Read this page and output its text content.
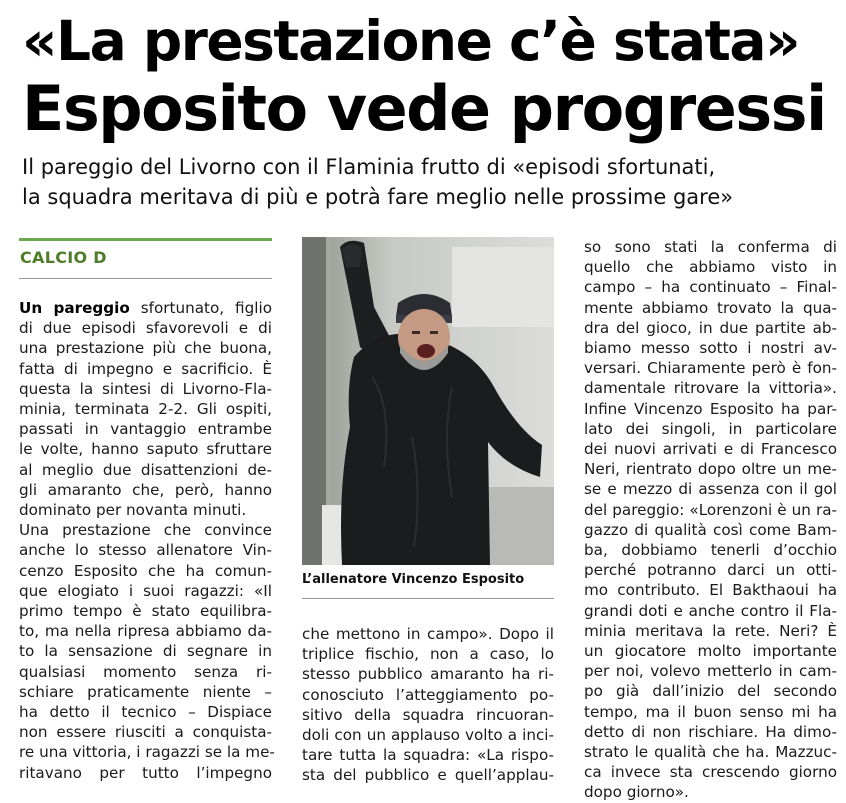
«La prestazione c’è stata»
Esposito vede progressi
Il pareggio del Livorno con il Flaminia frutto di «episodi sfortunati,
la squadra meritava di più e potrà fare meglio nelle prossime gare»
CALCIO D
Un pareggio sfortunato, figlio
di due episodi sfavorevoli e di
una prestazione più che buona,
fatta di impegno e sacrificio. È
questa la sintesi di Livorno-Fla-
minia, terminata 2-2. Gli ospiti,
passati in vantaggio entrambe
le volte, hanno saputo sfruttare
al meglio due disattenzioni de-
gli amaranto che, però, hanno
dominato per novanta minuti.
Una prestazione che convince
anche lo stesso allenatore Vin-
cenzo Esposito che ha comun-
que elogiato i suoi ragazzi: «Il
primo tempo è stato equilibra-
to, ma nella ripresa abbiamo da-
to la sensazione di segnare in
qualsiasi momento senza ri-
schiare praticamente niente –
ha detto il tecnico – Dispiace
non essere riusciti a conquista-
re una vittoria, i ragazzi se la me-
ritavano per tutto l’impegno
L’allenatore Vincenzo Esposito
che mettono in campo». Dopo il
triplice fischio, non a caso, lo
stesso pubblico amaranto ha ri-
conosciuto l’atteggiamento po-
sitivo della squadra rincuoran-
doli con un applauso volto a inci-
tare tutta la squadra: «La rispo-
sta del pubblico e quell’applau-
so sono stati la conferma di
quello che abbiamo visto in
campo – ha continuato – Final-
mente abbiamo trovato la qua-
dra del gioco, in due partite ab-
biamo messo sotto i nostri av-
versari. Chiaramente però è fon-
damentale ritrovare la vittoria».
Infine Vincenzo Esposito ha par-
lato dei singoli, in particolare
dei nuovi arrivati e di Francesco
Neri, rientrato dopo oltre un me-
se e mezzo di assenza con il gol
del pareggio: «Lorenzoni è un ra-
gazzo di qualità così come Bam-
ba, dobbiamo tenerli d’occhio
perché potranno darci un otti-
mo contributo. El Bakthaoui ha
grandi doti e anche contro il Fla-
minia meritava la rete. Neri? È
un giocatore molto importante
per noi, volevo metterlo in cam-
po già dall’inizio del secondo
tempo, ma il buon senso mi ha
detto di non rischiare. Ha dimo-
strato le qualità che ha. Mazzuc-
ca invece sta crescendo giorno
dopo giorno».
